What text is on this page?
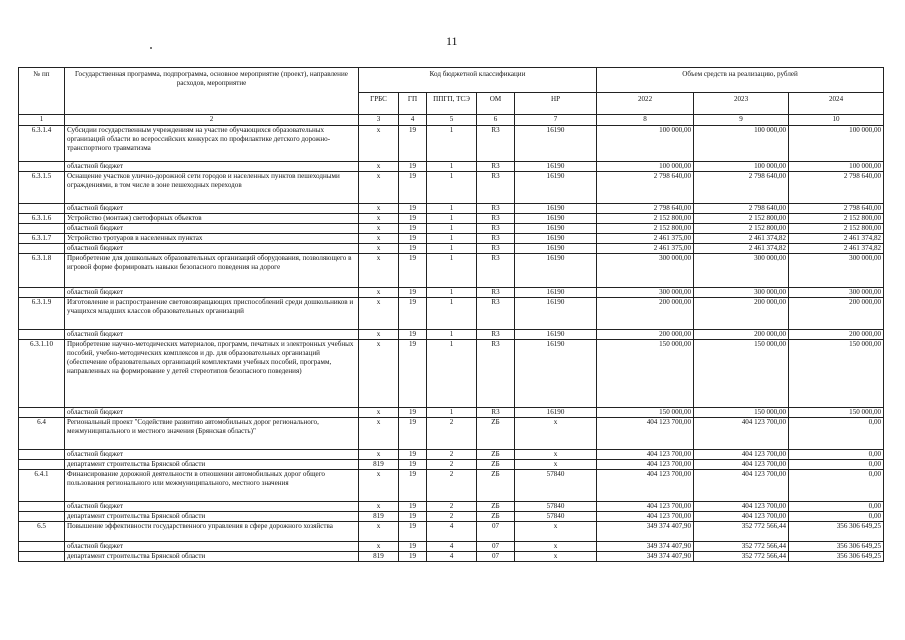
11
№ пп	Государственная программа, подпрограмма, основное мероприятие (проект), направление расходов, мероприятие	Код бюджетной классификации					Объем средств на реализацию, рублей		
		ГРБС	ГП	ППГП, ТСЭ	ОМ	НР	2022	2023	2024
1	2	3	4	5	6	7	8	9	10
6.3.1.4	Субсидии государственным учреждениям на участие обучающихся образовательных организаций области во всероссийских конкурсах по профилактике детского дорожно-транспортного травматизма	х	19	1	R3	16190	100 000,00	100 000,00	100 000,00
	областной бюджет	х	19	1	R3	16190	100 000,00	100 000,00	100 000,00
6.3.1.5	Оснащение участков улично-дорожной сети городов и населенных пунктов пешеходными ограждениями, в том числе в зоне пешеходных переходов	х	19	1	R3	16190	2 798 640,00	2 798 640,00	2 798 640,00
	областной бюджет	х	19	1	R3	16190	2 798 640,00	2 798 640,00	2 798 640,00
6.3.1.6	Устройство (монтаж) светофорных объектов	х	19	1	R3	16190	2 152 800,00	2 152 800,00	2 152 800,00
	областной бюджет	х	19	1	R3	16190	2 152 800,00	2 152 800,00	2 152 800,00
6.3.1.7	Устройство тротуаров в населенных пунктах	х	19	1	R3	16190	2 461 375,00	2 461 374,82	2 461 374,82
	областной бюджет	х	19	1	R3	16190	2 461 375,00	2 461 374,82	2 461 374,82
6.3.1.8	Приобретение для дошкольных образовательных организаций оборудования, позволяющего в игровой форме формировать навыки безопасного поведения на дороге	х	19	1	R3	16190	300 000,00	300 000,00	300 000,00
	областной бюджет	х	19	1	R3	16190	300 000,00	300 000,00	300 000,00
6.3.1.9	Изготовление и распространение световозвращающих приспособлений среди дошкольников и учащихся младших классов образовательных организаций	х	19	1	R3	16190	200 000,00	200 000,00	200 000,00
	областной бюджет	х	19	1	R3	16190	200 000,00	200 000,00	200 000,00
6.3.1.10	Приобретение научно-методических материалов, программ, печатных и электронных учебных пособий, учебно-методических комплексов и др. для образовательных организаций (обеспечение образовательных организаций комплектами учебных пособий, программ, направленных на формирование у детей стереотипов безопасного поведения)	х	19	1	R3	16190	150 000,00	150 000,00	150 000,00
	областной бюджет	х	19	1	R3	16190	150 000,00	150 000,00	150 000,00
6.4	Региональный проект "Содействие развитию автомобильных дорог регионального, межмуниципального и местного значения (Брянская область)"	х	19	2	ZБ	х	404 123 700,00	404 123 700,00	0,00
	областной бюджет	х	19	2	ZБ	х	404 123 700,00	404 123 700,00	0,00
	департамент строительства Брянской области	819	19	2	ZБ	х	404 123 700,00	404 123 700,00	0,00
6.4.1	Финансирование дорожной деятельности в отношении автомобильных дорог общего пользования регионального или межмуниципального, местного значения	х	19	2	ZБ	57840	404 123 700,00	404 123 700,00	0,00
	областной бюджет	х	19	2	ZБ	57840	404 123 700,00	404 123 700,00	0,00
	департамент строительства Брянской области	819	19	2	ZБ	57840	404 123 700,00	404 123 700,00	0,00
6.5	Повышение эффективности государственного управления в сфере дорожного хозяйства	х	19	4	07	х	349 374 407,90	352 772 566,44	356 306 649,25
	областной бюджет	х	19	4	07	х	349 374 407,90	352 772 566,44	356 306 649,25
	департамент строительства Брянской области	819	19	4	07	х	349 374 407,90	352 772 566,44	356 306 649,25
